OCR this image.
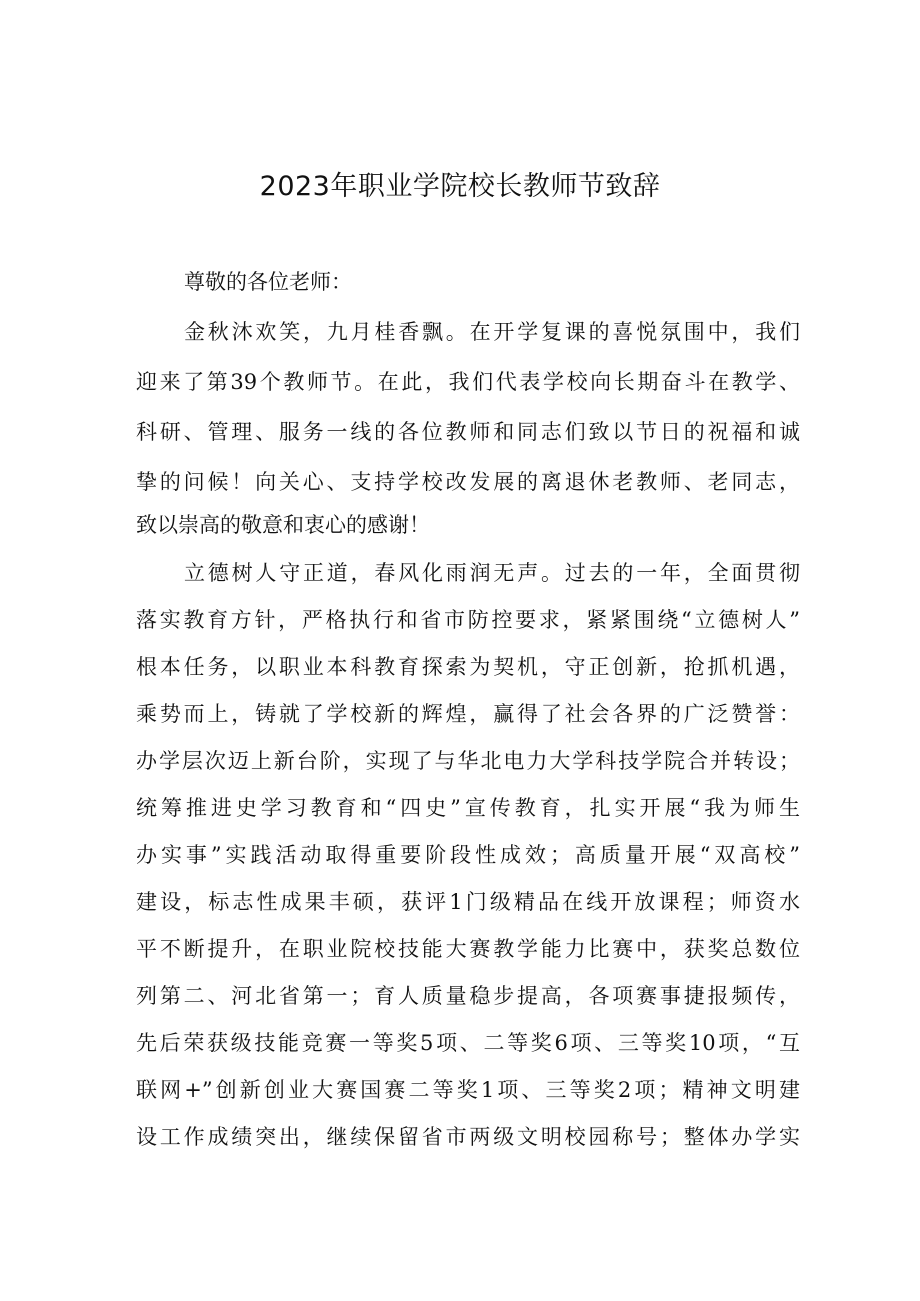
2023年职业学院校长教师节致辞

尊敬的各位老师：

金秋沐欢笑，九月桂香飘。在开学复课的喜悦氛围中，我们

迎来了第39个教师节。在此，我们代表学校向长期奋斗在教学、

科研、管理、服务一线的各位教师和同志们致以节日的祝福和诚

挚的问候！向关心、支持学校改发展的离退休老教师、老同志，

致以崇高的敬意和衷心的感谢！

立德树人守正道，春风化雨润无声。过去的一年，全面贯彻

落实教育方针，严格执行和省市防控要求，紧紧围绕“立德树人”

根本任务，以职业本科教育探索为契机，守正创新，抢抓机遇，

乘势而上，铸就了学校新的辉煌，赢得了社会各界的广泛赞誉：

办学层次迈上新台阶，实现了与华北电力大学科技学院合并转设；

统筹推进史学习教育和“四史”宣传教育，扎实开展“我为师生

办实事”实践活动取得重要阶段性成效；高质量开展“双高校”

建设，标志性成果丰硕，获评1门级精品在线开放课程；师资水

平不断提升，在职业院校技能大赛教学能力比赛中，获奖总数位

列第二、河北省第一；育人质量稳步提高，各项赛事捷报频传，

先后荣获级技能竞赛一等奖5项、二等奖6项、三等奖10项，“互

联网+”创新创业大赛国赛二等奖1项、三等奖2项；精神文明建

设工作成绩突出，继续保留省市两级文明校园称号；整体办学实
